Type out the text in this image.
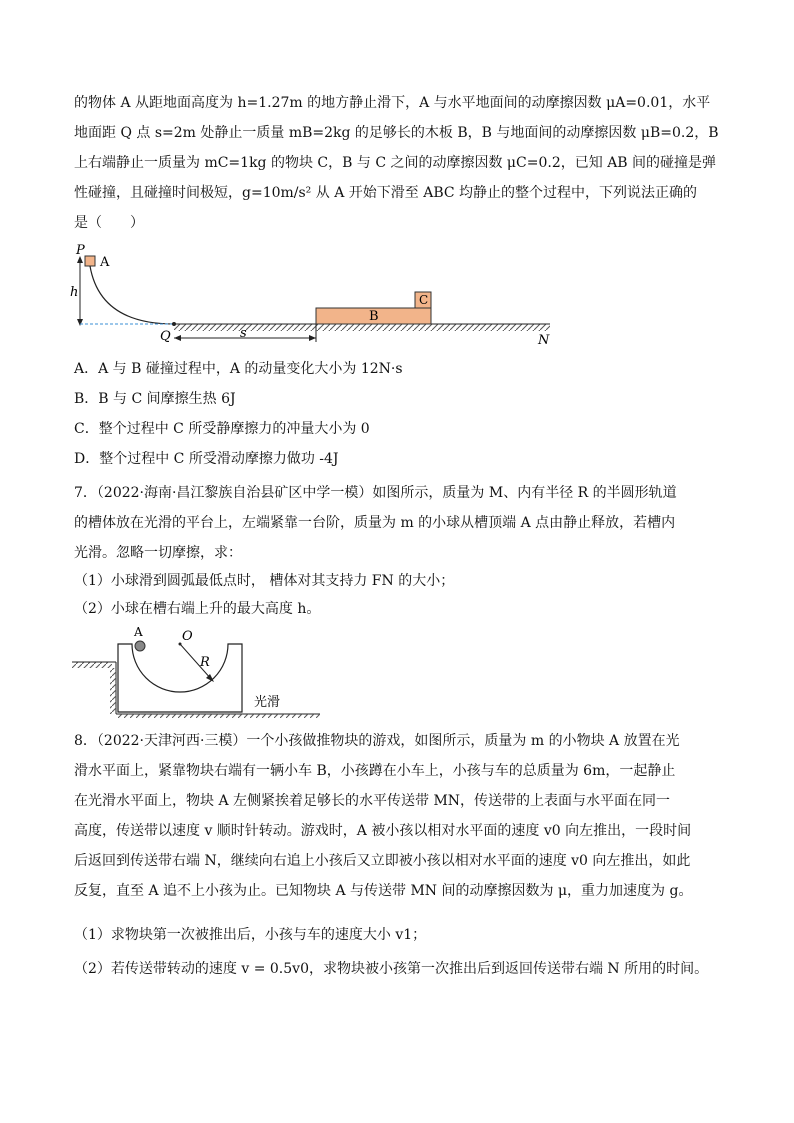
的物体 A 从距地面高度为 h=1.27m 的地方静止滑下，A 与水平地面间的动摩擦因数 μA=0.01，水平
地面距 Q 点 s=2m 处静止一质量 mB=2kg 的足够长的木板 B，B 与地面间的动摩擦因数 μB=0.2，B
上右端静止一质量为 mC=1kg 的物块 C，B 与 C 之间的动摩擦因数 μC=0.2，已知 AB 间的碰撞是弹
性碰撞，且碰撞时间极短，g=10m/s² 从 A 开始下滑至 ABC 均静止的整个过程中，下列说法正确的
是（　　）
P
h
A
Q	s
B
C
N
A．A 与 B 碰撞过程中，A 的动量变化大小为 12N·s
B．B 与 C 间摩擦生热 6J
C．整个过程中 C 所受静摩擦力的冲量大小为 0
D．整个过程中 C 所受滑动摩擦力做功 -4J
7．（2022·海南·昌江黎族自治县矿区中学一模）如图所示，质量为 M、内有半径 R 的半圆形轨道
的槽体放在光滑的平台上，左端紧靠一台阶，质量为 m 的小球从槽顶端 A 点由静止释放，若槽内
光滑。忽略一切摩擦，求：
（1）小球滑到圆弧最低点时， 槽体对其支持力 FN 的大小；
（2）小球在槽右端上升的最大高度 h。
A	O
R
光滑
8．（2022·天津河西·三模）一个小孩做推物块的游戏，如图所示，质量为 m 的小物块 A 放置在光
滑水平面上，紧靠物块右端有一辆小车 B，小孩蹲在小车上，小孩与车的总质量为 6m，一起静止
在光滑水平面上，物块 A 左侧紧挨着足够长的水平传送带 MN，传送带的上表面与水平面在同一
高度，传送带以速度 v 顺时针转动。游戏时，A 被小孩以相对水平面的速度 v0 向左推出，一段时间
后返回到传送带右端 N，继续向右追上小孩后又立即被小孩以相对水平面的速度 v0 向左推出，如此
反复，直至 A 追不上小孩为止。已知物块 A 与传送带 MN 间的动摩擦因数为 μ，重力加速度为 g。
（1）求物块第一次被推出后，小孩与车的速度大小 v1；
（2）若传送带转动的速度 v = 0.5v0，求物块被小孩第一次推出后到返回传送带右端 N 所用的时间。
